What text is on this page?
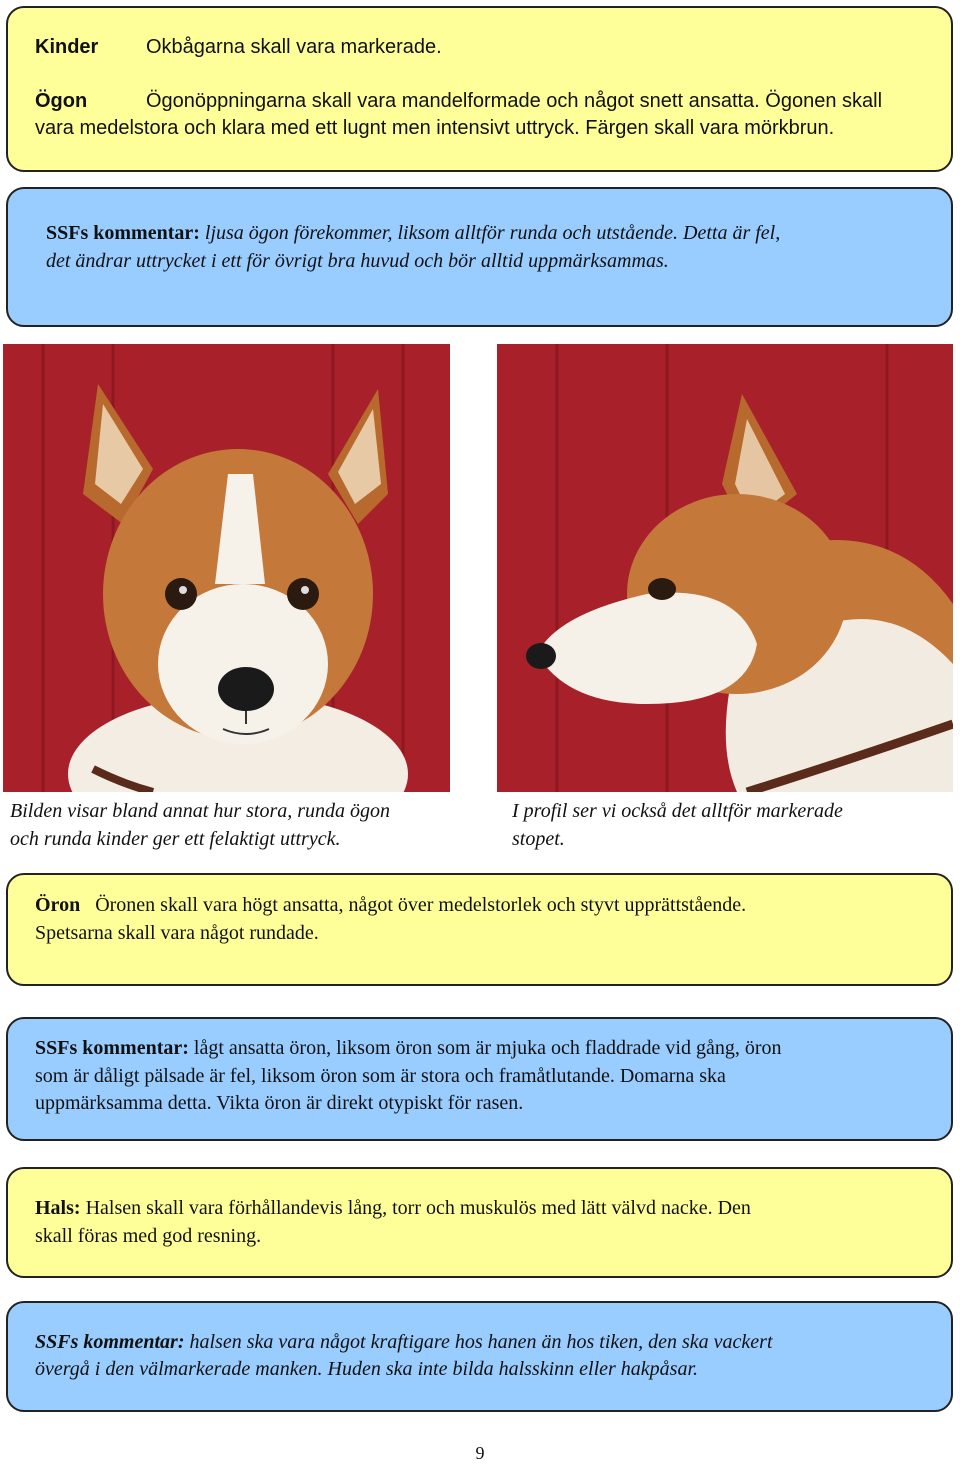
Kinder Okbågarna skall vara markerade.
Ögon	Ögonöppningarna skall vara mandelformade och något snett ansatta. Ögonen skall
vara medelstora och klara med ett lugnt men intensivt uttryck. Färgen skall vara mörkbrun.
SSFs kommentar: ljusa ögon förekommer, liksom alltför runda och utstående. Detta är fel,
det ändrar uttrycket i ett för övrigt bra huvud och bör alltid uppmärksammas.
Bilden visar bland annat hur stora, runda ögon
och runda kinder ger ett felaktigt uttryck.
I profil ser vi också det alltför markerade
stopet.
Öron Öronen skall vara högt ansatta, något över medelstorlek och styvt upprättstående.
Spetsarna skall vara något rundade.
SSFs kommentar: lågt ansatta öron, liksom öron som är mjuka och fladdrade vid gång, öron
som är dåligt pälsade är fel, liksom öron som är stora och framåtlutande. Domarna ska
uppmärksamma detta. Vikta öron är direkt otypiskt för rasen.
Hals: Halsen skall vara förhållandevis lång, torr och muskulös med lätt välvd nacke. Den
skall föras med god resning.
SSFs kommentar: halsen ska vara något kraftigare hos hanen än hos tiken, den ska vackert
övergå i den välmarkerade manken. Huden ska inte bilda halsskinn eller hakpåsar.
9
